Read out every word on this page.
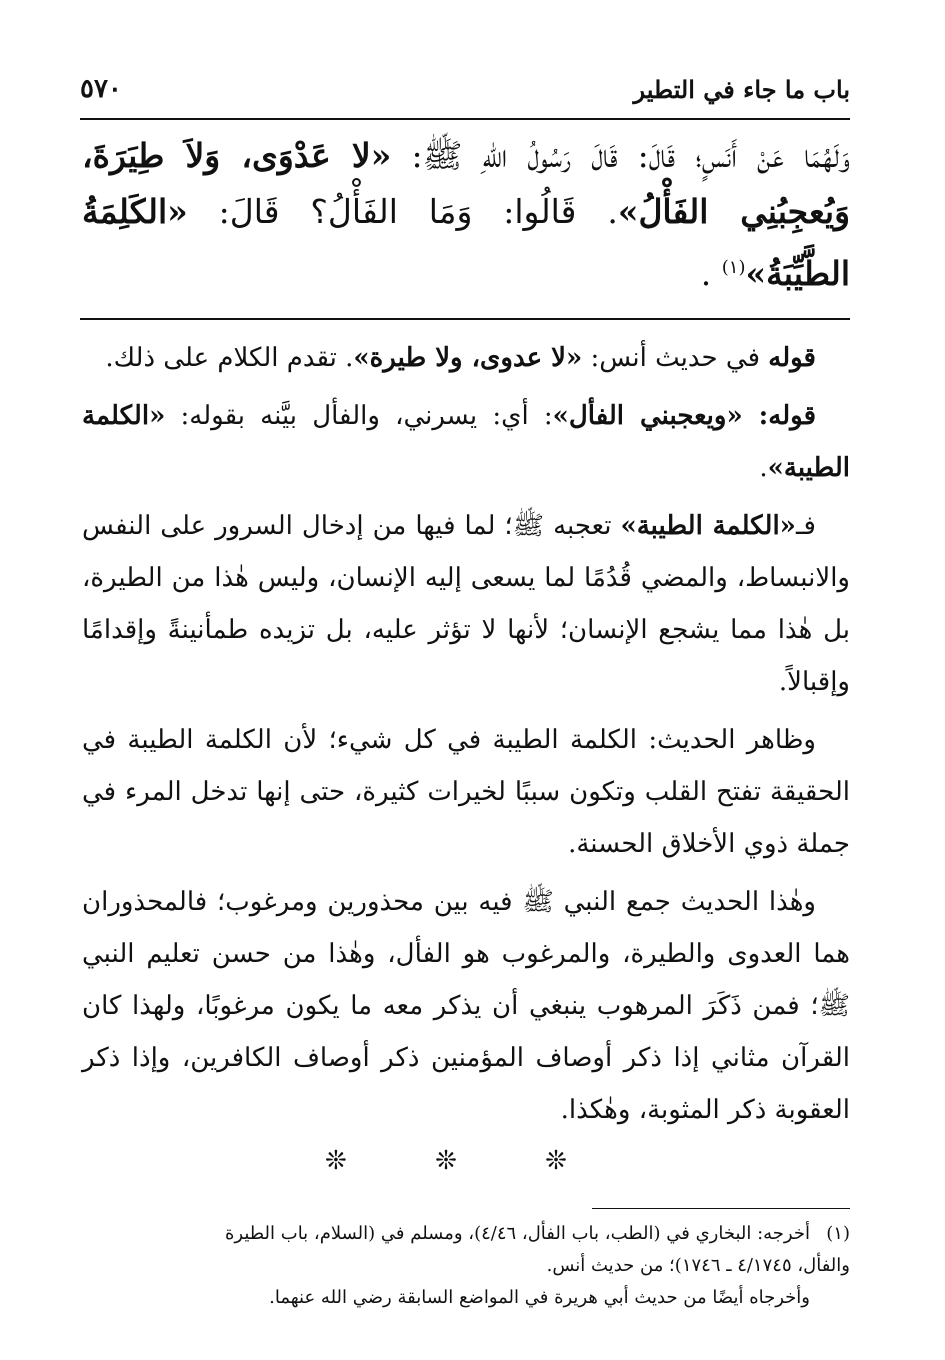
باب ما جاء في التطير
٥٧٠
وَلَهُمَا عَنْ أَنَسٍ؛ قَالَ: قَالَ رَسُولُ اللهِ ﷺ: «لا عَدْوَى، وَلاَ طِيَرَةَ، وَيُعجِبُنِي الفَأْلُ». قَالُوا: وَمَا الفَأْلُ؟ قَالَ: «الكَلِمَةُ الطَّيِّبَةُ»$^{(١)}$ .

قوله في حديث أنس: «لا عدوى، ولا طيرة». تقدم الكلام على ذلك.

قوله: «ويعجبني الفأل»: أي: يسرني، والفأل بيَّنه بقوله: «الكلمة الطيبة».

فـ«الكلمة الطيبة» تعجبه ﷺ؛ لما فيها من إدخال السرور على النفس والانبساط، والمضي قُدُمًا لما يسعى إليه الإنسان، وليس هٰذا من الطيرة، بل هٰذا مما يشجع الإنسان؛ لأنها لا تؤثر عليه، بل تزيده طمأنينةً وإقدامًا وإقبالاً.

وظاهر الحديث: الكلمة الطيبة في كل شيء؛ لأن الكلمة الطيبة في الحقيقة تفتح القلب وتكون سببًا لخيرات كثيرة، حتى إنها تدخل المرء في جملة ذوي الأخلاق الحسنة.

وهٰذا الحديث جمع النبي ﷺ فيه بين محذورين ومرغوب؛ فالمحذوران هما العدوى والطيرة، والمرغوب هو الفأل، وهٰذا من حسن تعليم النبي ﷺ؛ فمن ذَكَرَ المرهوب ينبغي أن يذكر معه ما يكون مرغوبًا، ولهذا كان القرآن مثاني إذا ذكر أوصاف المؤمنين ذكر أوصاف الكافرين، وإذا ذكر العقوبة ذكر المثوبة، وهٰكذا.

❊ ❊ ❊
(١)أخرجه: البخاري في (الطب، باب الفأل، ٤/٤٦)، ومسلم في (السلام، باب الطيرة
والفأل، ٤/١٧٤٥ ـ ١٧٤٦)؛ من حديث أنس.
وأخرجاه أيضًا من حديث أبي هريرة في المواضع السابقة رضي الله عنهما.
